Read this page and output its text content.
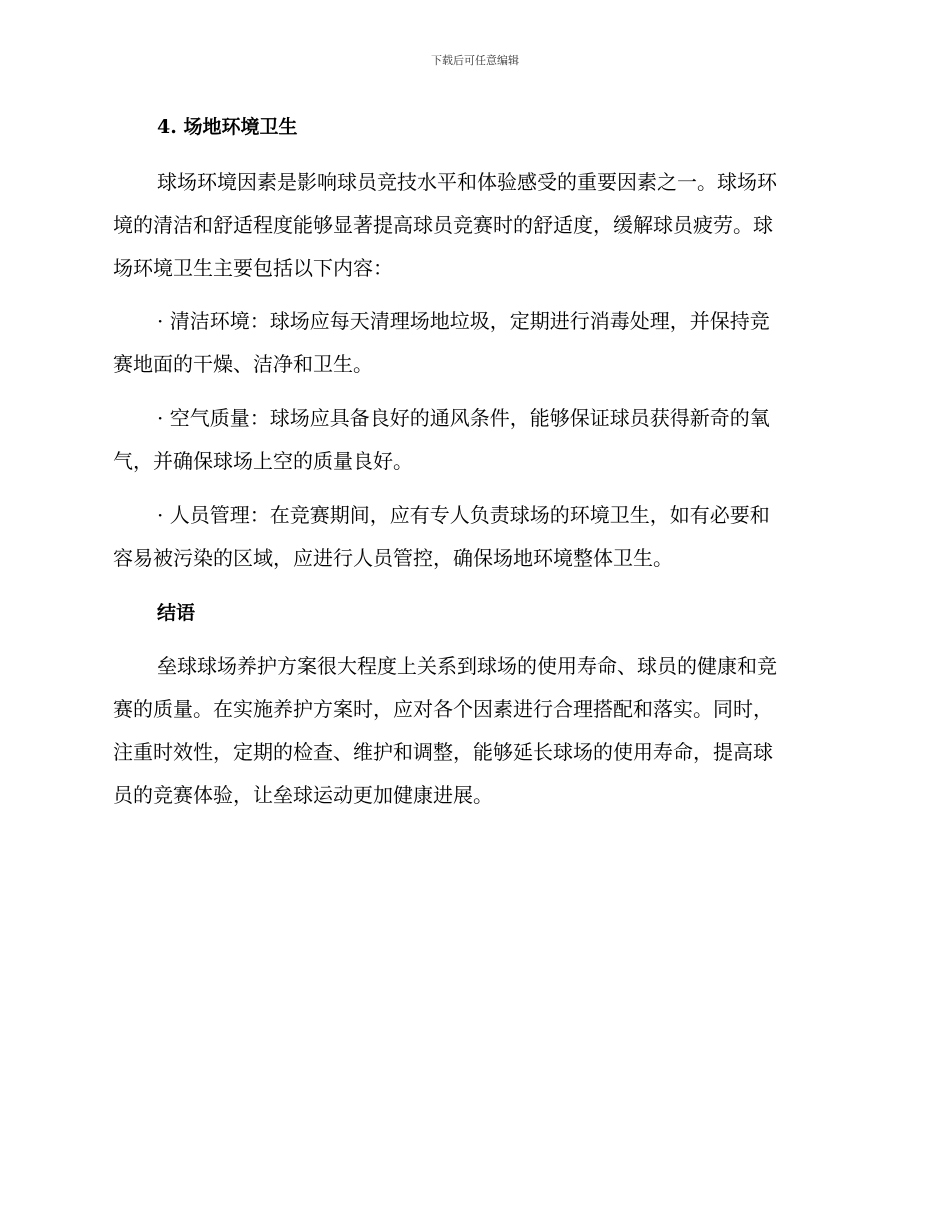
下载后可任意编辑
4. 场地环境卫生
球场环境因素是影响球员竞技水平和体验感受的重要因素之一。球场环
境的清洁和舒适程度能够显著提高球员竞赛时的舒适度，缓解球员疲劳。球
场环境卫生主要包括以下内容：
· 清洁环境：球场应每天清理场地垃圾，定期进行消毒处理，并保持竞
赛地面的干燥、洁净和卫生。
· 空气质量：球场应具备良好的通风条件，能够保证球员获得新奇的氧
气，并确保球场上空的质量良好。
· 人员管理：在竞赛期间，应有专人负责球场的环境卫生，如有必要和
容易被污染的区域，应进行人员管控，确保场地环境整体卫生。
结语
垒球球场养护方案很大程度上关系到球场的使用寿命、球员的健康和竞
赛的质量。在实施养护方案时，应对各个因素进行合理搭配和落实。同时，
注重时效性，定期的检查、维护和调整，能够延长球场的使用寿命，提高球
员的竞赛体验，让垒球运动更加健康进展。
